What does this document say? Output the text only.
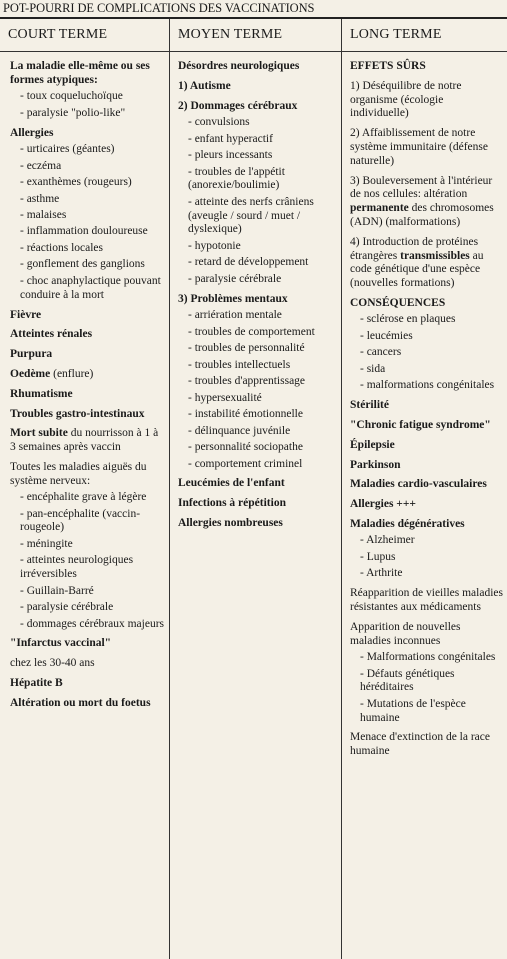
POT-POURRI DE COMPLICATIONS DES VACCINATIONS
COURT TERME
La maladie elle-même ou ses formes atypiques:
- toux coqueluchoïque
- paralysie "polio-like"
Allergies
- urticaires (géantes)
- eczéma
- exanthèmes (rougeurs)
- asthme
- malaises
- inflammation douloureuse
- réactions locales
- gonflement des ganglions
- choc anaphylactique pouvant conduire à la mort
Fièvre
Atteintes rénales
Purpura
Oedème (enflure)
Rhumatisme
Troubles gastro-intestinaux
Mort subite du nourrisson à 1 à 3 semaines après vaccin
Toutes les maladies aiguës du système nerveux:
- encéphalite grave à légère
- pan-encéphalite (vaccin-rougeole)
- méningite
- atteintes neurologiques irréversibles
- Guillain-Barré
- paralysie cérébrale
- dommages cérébraux majeurs
"Infarctus vaccinal"
chez les 30-40 ans
Hépatite B
Altération ou mort du foetus
MOYEN TERME
Désordres neurologiques
1) Autisme
2) Dommages cérébraux
- convulsions
- enfant hyperactif
- pleurs incessants
- troubles de l'appétit (anorexie/boulimie)
- atteinte des nerfs crâniens (aveugle / sourd / muet / dyslexique)
- hypotonie
- retard de développement
- paralysie cérébrale
3) Problèmes mentaux
- arriération mentale
- troubles de comportement
- troubles de personnalité
- troubles intellectuels
- troubles d'apprentissage
- hypersexualité
- instabilité émotionnelle
- délinquance juvénile
- personnalité sociopathe
- comportement criminel
Leucémies de l'enfant
Infections à répétition
Allergies nombreuses
LONG TERME
EFFETS SÛRS
1) Déséquilibre de notre organisme (écologie individuelle)
2) Affaiblissement de notre système immunitaire (défense naturelle)
3) Bouleversement à l'intérieur de nos cellules: altération permanente des chromosomes (ADN) (malformations)
4) Introduction de protéines étrangères transmissibles au code génétique d'une espèce (nouvelles formations)
CONSÉQUENCES
- sclérose en plaques
- leucémies
- cancers
- sida
- malformations congénitales
Stérilité
"Chronic fatigue syndrome"
Épilepsie
Parkinson
Maladies cardio-vasculaires
Allergies +++
Maladies dégénératives
- Alzheimer
- Lupus
- Arthrite
Réapparition de vieilles maladies résistantes aux médicaments
Apparition de nouvelles maladies inconnues
- Malformations congénitales
- Défauts génétiques héréditaires
- Mutations de l'espèce humaine
Menace d'extinction de la race humaine
